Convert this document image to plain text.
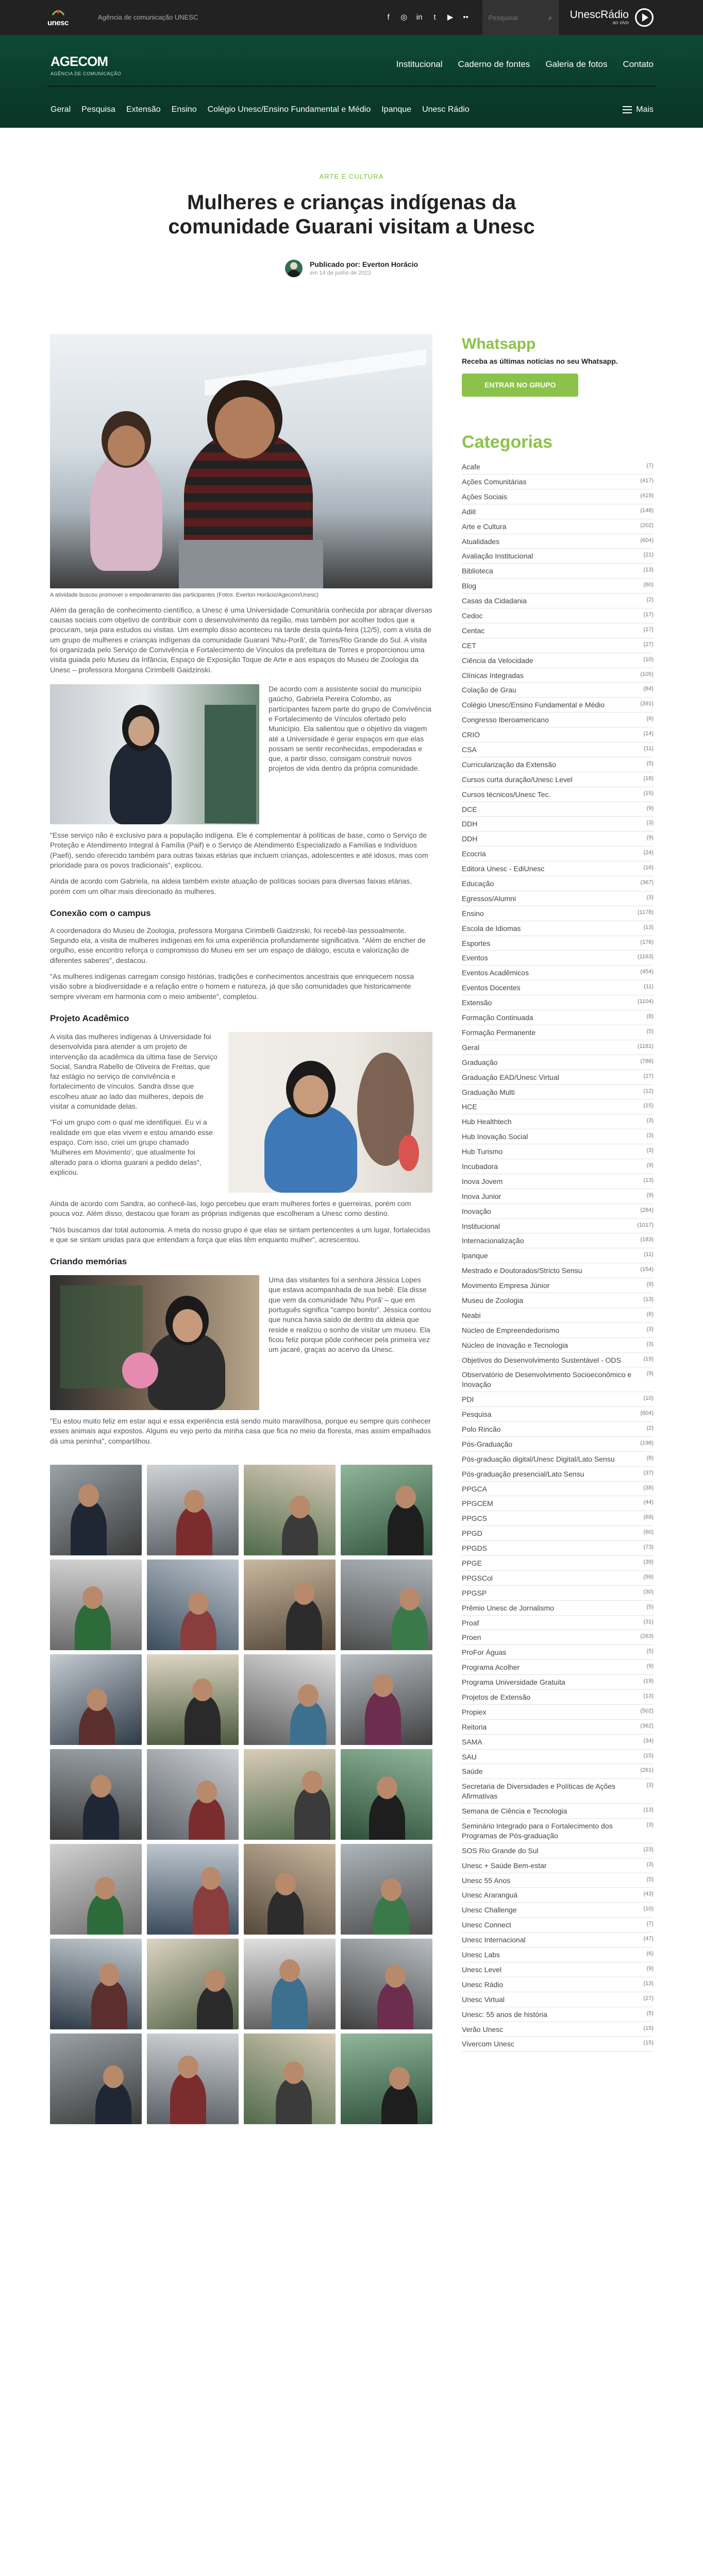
unesc
Agência de comunicação UNESC	f	◎ in	t	▶ ••
Pesquisar	⌕ UnescRádio
ao vivo
AGECOM
AGÊNCIA DE COMUNICAÇÃO
Institucional Caderno de fontes Galeria de fotos Contato
Geral Pesquisa Extensão Ensino Colégio Unesc/Ensino Fundamental e Médio Ipanque Unesc Rádio	Mais
ARTE E CULTURA
Mulheres e crianças indígenas da comunidade Guarani visitam a Unesc
Publicado por: Everton Horácio
em 14 de junho de 2023
A atividade buscou promover o empoderamento das participantes (Fotos: Everton Horácio/Agecom/Unesc)

Além da geração de conhecimento científico, a Unesc é uma Universidade Comunitária conhecida por abraçar diversas causas sociais com objetivo de contribuir com o desenvolvimento da região, mas também por acolher todos que a procuram, seja para estudos ou visitas. Um exemplo disso aconteceu na tarde desta quinta-feira (12/5), com a visita de um grupo de mulheres e crianças indígenas da comunidade Guarani 'Nhu-Porã', de Torres/Rio Grande do Sul. A visita foi organizada pelo Serviço de Convivência e Fortalecimento de Vínculos da prefeitura de Torres e proporcionou uma visita guiada pelo Museu da Infância, Espaço de Exposição Toque de Arte e aos espaços do Museu de Zoologia da Unesc – professora Morgana Cirimbelli Gaidzinski.

De acordo com a assistente social do município gaúcho, Gabriela Pereira Colombo, as participantes fazem parte do grupo de Convivência e Fortalecimento de Vínculos ofertado pelo Município. Ela salientou que o objetivo da viagem até a Universidade é gerar espaços em que elas possam se sentir reconhecidas, empoderadas e que, a partir disso, consigam construir novos projetos de vida dentro da própria comunidade.

"Esse serviço não é exclusivo para a população indígena. Ele é complementar à políticas de base, como o Serviço de Proteção e Atendimento Integral à Família (Paif) e o Serviço de Atendimento Especializado a Famílias e Indivíduos (Paefi), sendo oferecido também para outras faixas etárias que incluem crianças, adolescentes e até idosos, mas com prioridade para os povos tradicionais", explicou.

Ainda de acordo com Gabriela, na aldeia também existe atuação de políticas sociais para diversas faixas etárias, porém com um olhar mais direcionado às mulheres.

Conexão com o campus

A coordenadora do Museu de Zoologia, professora Morgana Cirimbelli Gaidzinski, foi recebê-las pessoalmente. Segundo ela, a visita de mulheres indígenas em foi uma experiência profundamente significativa. "Além de encher de orgulho, esse encontro reforça o compromisso do Museu em ser um espaço de diálogo, escuta e valorização de diferentes saberes", destacou.

"As mulheres indígenas carregam consigo histórias, tradições e conhecimentos ancestrais que enriquecem nossa visão sobre a biodiversidade e a relação entre o homem e natureza, já que são comunidades que historicamente sempre viveram em harmonia com o meio ambiente", completou.

Projeto Acadêmico

A visita das mulheres indígenas à Universidade foi desenvolvida para atender a um projeto de intervenção da acadêmica da última fase de Serviço Social, Sandra Rabello de Oliveira de Freitas, que faz estágio no serviço de convivência e fortalecimento de vínculos. Sandra disse que escolheu atuar ao lado das mulheres, depois de visitar a comunidade delas.

"Foi um grupo com o qual me identifiquei. Eu vi a realidade em que elas vivem e estou amando esse espaço. Com isso, criei um grupo chamado 'Mulheres em Movimento', que atualmente foi alterado para o idioma guarani a pedido delas", explicou.

Ainda de acordo com Sandra, ao conhecê-las, logo percebeu que eram mulheres fortes e guerreiras, porém com pouca voz. Além disso, destacou que foram as próprias indígenas que escolheram a Unesc como destino.

"Nós buscamos dar total autonomia. A meta do nosso grupo é que elas se sintam pertencentes a um lugar, fortalecidas e que se sintam unidas para que entendam a força que elas têm enquanto mulher", acrescentou.

Criando memórias

Uma das visitantes foi a senhora Jéssica Lopes que estava acompanhada de sua bebê. Ela disse que vem da comunidade 'Nhu Porã' – que em português significa "campo bonito". Jéssica contou que nunca havia saído de dentro da aldeia que reside e realizou o sonho de visitar um museu. Ela ficou feliz porque pôde conhecer pela primeira vez um jacaré, graças ao acervo da Unesc.

"Eu estou muito feliz em estar aqui e essa experiência está sendo muito maravilhosa, porque eu sempre quis conhecer esses animais aqui expostos. Alguns eu vejo perto da minha casa que fica no meio da floresta, mas assim empalhados dá uma peninha", compartilhou.

Whatsapp
Receba as últimas notícias no seu Whatsapp.
ENTRAR NO GRUPO
Categorias
Acafe	(7)
Ações Comunitárias	(417)
Ações Sociais	(419)
Adiit	(148)
Arte e Cultura	(202)
Atualidades	(604)
Avaliação Institucional	(21)
Biblioteca	(13)
Blog	(60)
Casas da Cidadania	(2)
Cedoc	(17)
Centac	(17)
CET	(27)
Ciência da Velocidade	(10)
Clínicas Integradas	(105)
Colação de Grau	(84)
Colégio Unesc/Ensino Fundamental e Médio	(391)
Congresso Iberoamericano	(6)
CRIO	(14)
CSA	(11)
Curricularização da Extensão	(5)
Cursos curta duração/Unesc Level	(18)
Cursos técnicos/Unesc Tec.	(15)
DCE	(9)
DDH	(3)
DDH	(9)
Ecocria	(24)
Editora Unesc - EdiUnesc	(16)
Educação	(367)
Egressos/Alumni	(3)
Ensino	(1178)
Escola de Idiomas	(13)
Esportes	(176)
Eventos	(1163)
Eventos Acadêmicos	(454)
Eventos Docentes	(11)
Extensão	(1104)
Formação Continuada	(8)
Formação Permanente	(5)
Geral	(1181)
Graduação	(786)
Graduação EAD/Unesc Virtual	(27)
Graduação Multi	(12)
HCE	(15)
Hub Healthtech	(3)
Hub Inovação Social	(3)
Hub Turismo	(3)
Incubadora	(9)
Inova Jovem	(13)
Inova Junior	(9)
Inovação	(284)
Institucional	(1017)
Internacionalização	(183)
Ipanque	(11)
Mestrado e Doutorados/Stricto Sensu	(154)
Movimento Empresa Júnior	(9)
Museu de Zoologia	(13)
Neabi	(6)
Núcleo de Empreendedorismo	(3)
Núcleo de Inovação e Tecnologia	(3)
Objetivos do Desenvolvimento Sustentável - ODS	(19)
Observatório de Desenvolvimento Socioeconômico e Inovação
(9)
PDI	(10)
Pesquisa	(804)
Polo Rincão	(2)
Pós-Graduação	(198)
Pós-graduação digital/Unesc Digital/Lato Sensu	(8)
Pós-graduação presencial/Lato Sensu	(37)
PPGCA	(38)
PPGCEM	(44)
PPGCS	(69)
PPGD	(60)
PPGDS	(73)
PPGE	(39)
PPGSCol	(59)
PPGSP	(30)
Prêmio Unesc de Jornalismo	(5)
Proaf	(31)
Proen	(263)
ProFor Águas	(5)
Programa Acolher	(9)
Programa Universidade Gratuita	(19)
Projetos de Extensão	(13)
Propiex	(502)
Reitoria	(362)
SAMA	(34)
SAU	(15)
Saúde	(261)
Secretaria de Diversidades e Políticas de Ações Afirmativas
(3)
Semana de Ciência e Tecnologia	(13)
Seminário Integrado para o Fortalecimento dos Programas de Pós-graduação
(3)
SOS Rio Grande do Sul	(23)
Unesc + Saúde Bem-estar	(3)
Unesc 55 Anos	(5)
Unesc Araranguá	(43)
Unesc Challenge	(10)
Unesc Connect	(7)
Unesc Internacional	(47)
Unesc Labs	(6)
Unesc Level	(9)
Unesc Rádio	(13)
Unesc Virtual	(27)
Unesc: 55 anos de história	(5)
Verão Unesc	(15)
Vivercom Unesc	(15)
